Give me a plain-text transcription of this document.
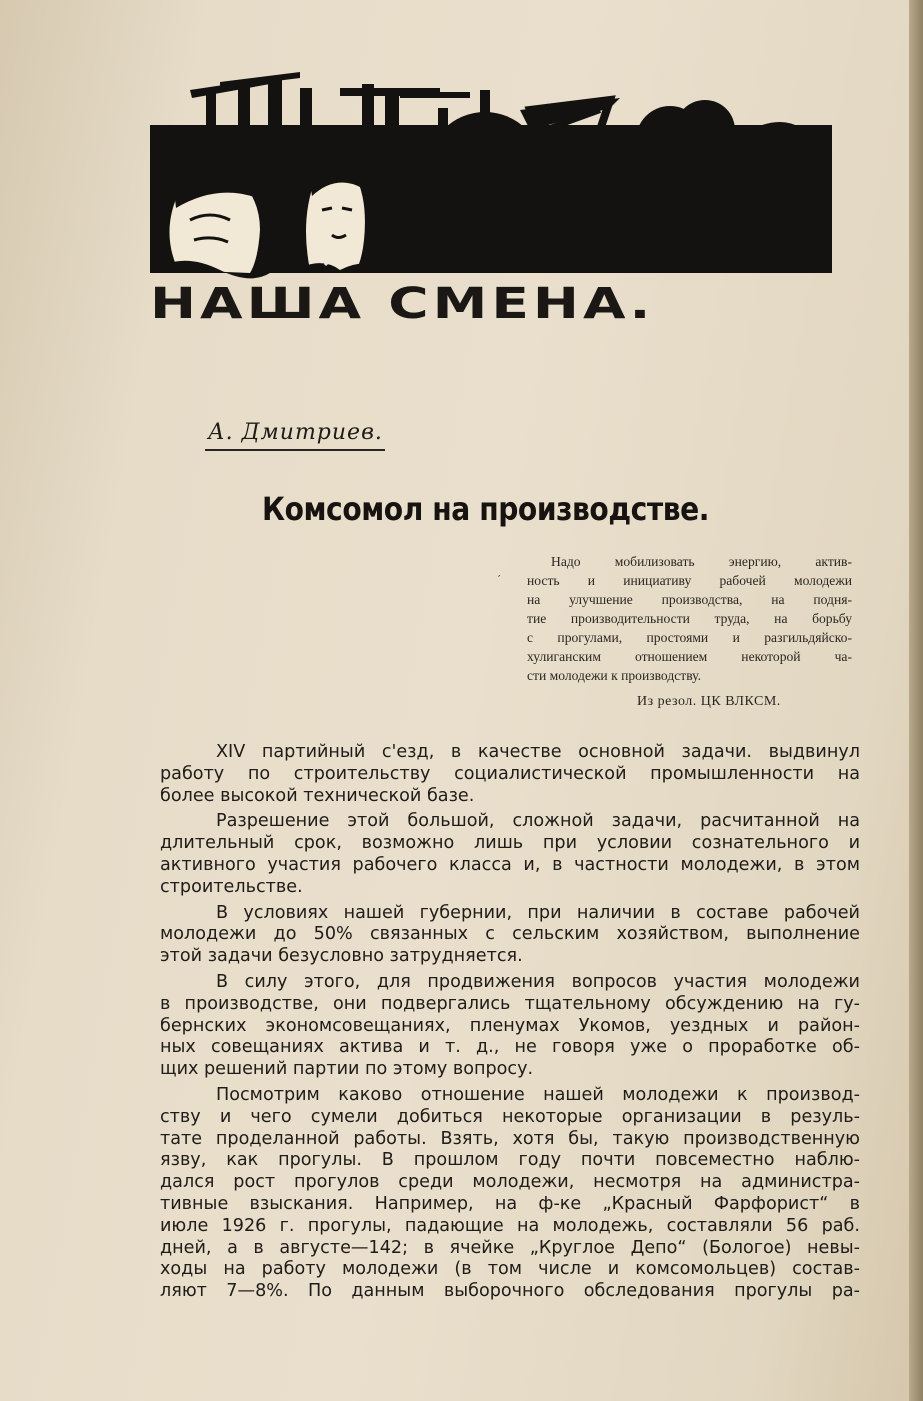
НАША СМЕНА.
А. Дмитриев.
Комсомол на производстве.
′
Надо мобилизовать энергию, актив-
ность и инициативу рабочей молодежи
на улучшение производства, на подня-
тие производительности труда, на борьбу
с прогулами, простоями и разгильдяйско-
хулиганским отношением некоторой ча-
сти молодежи к производству.
Из резол. ЦК ВЛКСМ.
XIV партийный с'езд, в качестве основной задачи. выдвинул
работу по строительству социалистической промышленности на
более высокой технической базе.
Разрешение этой большой, сложной задачи, расчитанной на
длительный срок, возможно лишь при условии сознательного и
активного участия рабочего класса и, в частности молодежи, в этом
строительстве.
В условиях нашей губернии, при наличии в составе рабочей
молодежи до 50% связанных с сельским хозяйством, выполнение
этой задачи безусловно затрудняется.
В силу этого, для продвижения вопросов участия молодежи
в производстве, они подвергались тщательному обсуждению на гу-
бернских экономсовещаниях, пленумах Укомов, уездных и район-
ных совещаниях актива и т. д., не говоря уже о проработке об-
щих решений партии по этому вопросу.
Посмотрим каково отношение нашей молодежи к производ-
ству и чего сумели добиться некоторые организации в резуль-
тате проделанной работы. Взять, хотя бы, такую производственную
язву, как прогулы. В прошлом году почти повсеместно наблю-
дался рост прогулов среди молодежи, несмотря на администра-
тивные взыскания. Например, на ф-ке „Красный Фарфорист“ в
июле 1926 г. прогулы, падающие на молодежь, составляли 56 раб.
дней, а в августе—142; в ячейке „Круглое Депо“ (Бологое) невы-
ходы на работу молодежи (в том числе и комсомольцев) состав-
ляют 7—8%. По данным выборочного обследования прогулы ра-
